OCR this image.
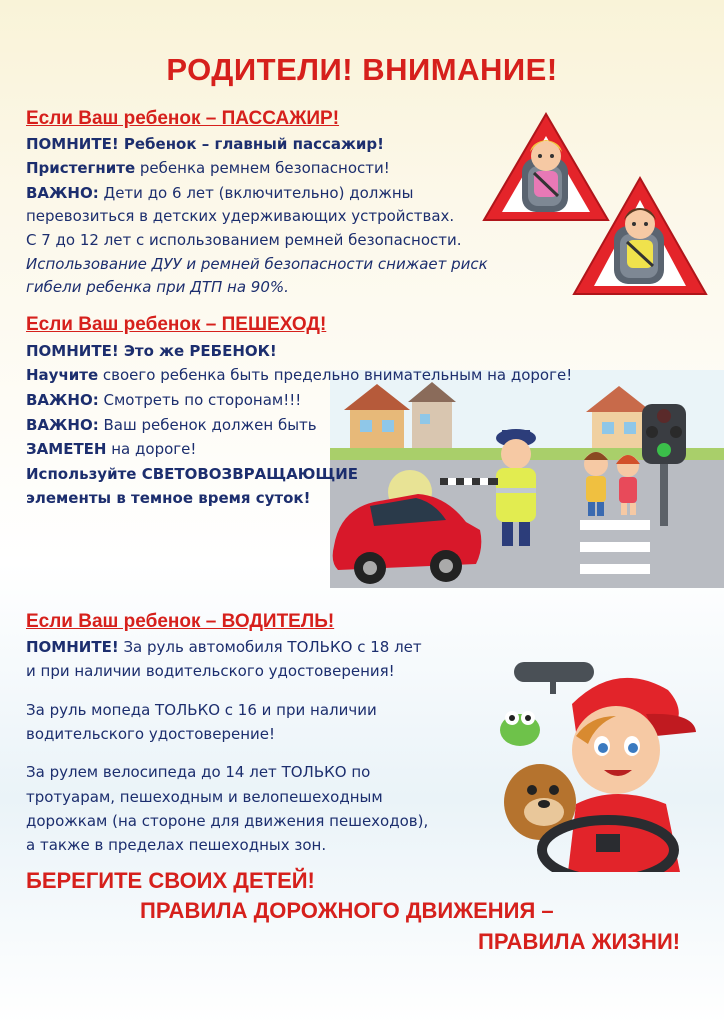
РОДИТЕЛИ! ВНИМАНИЕ!
Если Ваш ребенок – ПАССАЖИР!
ПОМНИТЕ! Ребенок – главный пассажир!
Пристегните ребенка ремнем безопасности!
ВАЖНО: Дети до 6 лет (включительно) должны
перевозиться в детских удерживающих устройствах.
С 7 до 12 лет с использованием ремней безопасности.
Использование ДУУ и ремней безопасности снижает риск
гибели ребенка при ДТП на 90%.
Если Ваш ребенок – ПЕШЕХОД!
ПОМНИТЕ! Это же РЕБЕНОК!
Научите своего ребенка быть предельно внимательным на дороге!
ВАЖНО: Смотреть по сторонам!!!
ВАЖНО: Ваш ребенок должен быть
ЗАМЕТЕН на дороге!
Используйте СВЕТОВОЗВРАЩАЮЩИЕ
элементы в темное время суток!
Если Ваш ребенок – ВОДИТЕЛЬ!
ПОМНИТЕ! За руль автомобиля ТОЛЬКО с 18 лет
и при наличии водительского удостоверения!
За руль мопеда ТОЛЬКО с 16 и при наличии
водительского удостоверение!
За рулем велосипеда до 14 лет ТОЛЬКО по
тротуарам, пешеходным и велопешеходным
дорожкам (на стороне для движения пешеходов),
а также в пределах пешеходных зон.
БЕРЕГИТЕ СВОИХ ДЕТЕЙ!
ПРАВИЛА ДОРОЖНОГО ДВИЖЕНИЯ –
ПРАВИЛА ЖИЗНИ!
